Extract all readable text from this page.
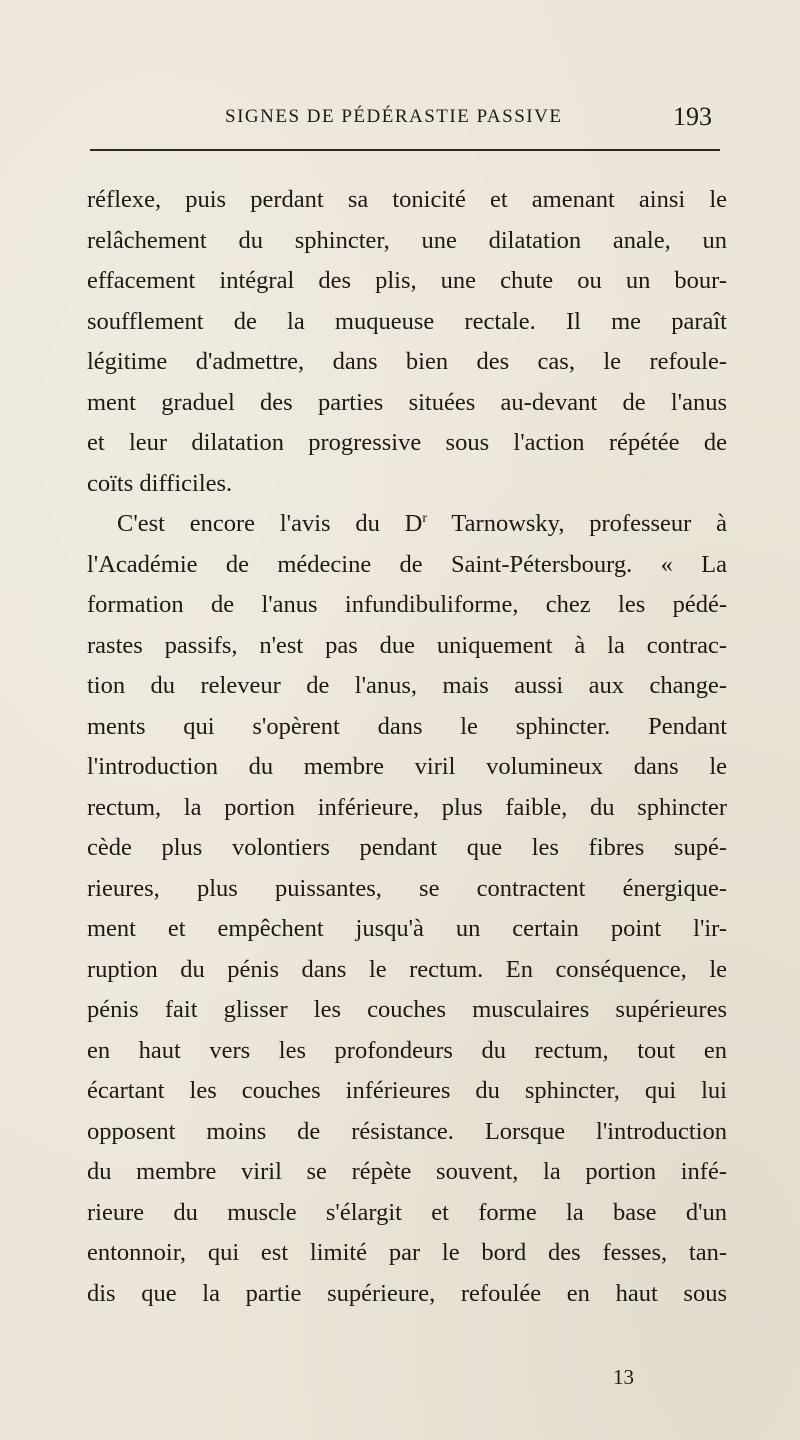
SIGNES DE PÉDÉRASTIE PASSIVE	193
réflexe, puis perdant sa tonicité et amenant ainsi le
relâchement du sphincter, une dilatation anale, un
effacement intégral des plis, une chute ou un bour-
soufflement de la muqueuse rectale. Il me paraît
légitime d'admettre, dans bien des cas, le refoule-
ment graduel des parties situées au-devant de l'anus
et leur dilatation progressive sous l'action répétée de
coïts difficiles.
C'est encore l'avis du $D^r$ Tarnowsky, professeur à
l'Académie de médecine de Saint-Pétersbourg. « La
formation de l'anus infundibuliforme, chez les pédé-
rastes passifs, n'est pas due uniquement à la contrac-
tion du releveur de l'anus, mais aussi aux change-
ments qui s'opèrent dans le sphincter. Pendant
l'introduction du membre viril volumineux dans le
rectum, la portion inférieure, plus faible, du sphincter
cède plus volontiers pendant que les fibres supé-
rieures, plus puissantes, se contractent énergique-
ment et empêchent jusqu'à un certain point l'ir-
ruption du pénis dans le rectum. En conséquence, le
pénis fait glisser les couches musculaires supérieures
en haut vers les profondeurs du rectum, tout en
écartant les couches inférieures du sphincter, qui lui
opposent moins de résistance. Lorsque l'introduction
du membre viril se répète souvent, la portion infé-
rieure du muscle s'élargit et forme la base d'un
entonnoir, qui est limité par le bord des fesses, tan-
dis que la partie supérieure, refoulée en haut sous
13
